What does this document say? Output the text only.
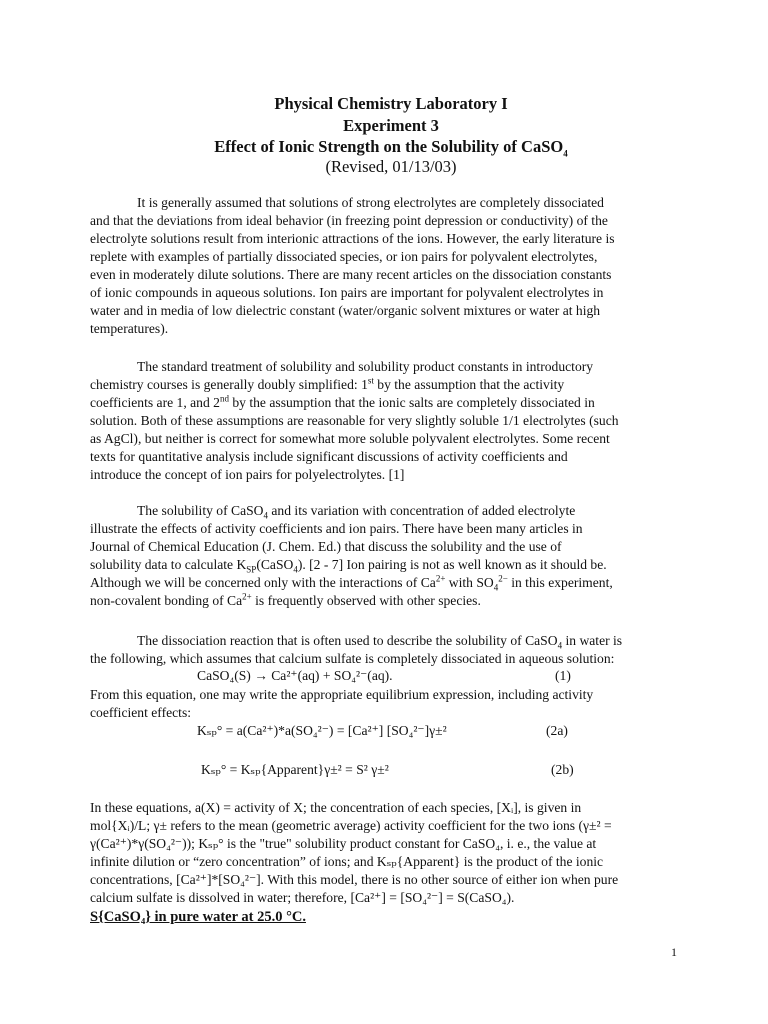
Physical Chemistry Laboratory I
Experiment 3
Effect of Ionic Strength on the Solubility of CaSO$_4$
(Revised, 01/13/03)
It is generally assumed that solutions of strong electrolytes are completely dissociated
and that the deviations from ideal behavior (in freezing point depression or conductivity) of the
electrolyte solutions result from interionic attractions of the ions. However, the early literature is
replete with examples of partially dissociated species, or ion pairs for polyvalent electrolytes,
even in moderately dilute solutions. There are many recent articles on the dissociation constants
of ionic compounds in aqueous solutions. Ion pairs are important for polyvalent electrolytes in
water and in media of low dielectric constant (water/organic solvent mixtures or water at high
temperatures).
The standard treatment of solubility and solubility product constants in introductory
chemistry courses is generally doubly simplified: 1st by the assumption that the activity
coefficients are 1, and 2nd by the assumption that the ionic salts are completely dissociated in
solution. Both of these assumptions are reasonable for very slightly soluble 1/1 electrolytes (such
as AgCl), but neither is correct for somewhat more soluble polyvalent electrolytes. Some recent
texts for quantitative analysis include significant discussions of activity coefficients and
introduce the concept of ion pairs for polyelectrolytes. [1]
The solubility of CaSO$_4$ and its variation with concentration of added electrolyte
illustrate the effects of activity coefficients and ion pairs. There have been many articles in
Journal of Chemical Education (J. Chem. Ed.) that discuss the solubility and the use of
solubility data to calculate $K_{SP}(CaSO_4)$. [2 - 7] Ion pairing is not as well known as it should be.
Although we will be concerned only with the interactions of $Ca^{2+}$ with $SO_4^{2-}$ in this experiment,
non-covalent bonding of $Ca^{2+}$ is frequently observed with other species.
The dissociation reaction that is often used to describe the solubility of CaSO$_4$ in water is
the following, which assumes that calcium sulfate is completely dissociated in aqueous solution:
CaSO₄(S) → Ca²⁺(aq) + SO₄²⁻(aq).	(1)
From this equation, one may write the appropriate equilibrium expression, including activity
coefficient effects:
Kₛₚ° = a(Ca²⁺)*a(SO₄²⁻) = [Ca²⁺] [SO₄²⁻]γ±²	(2a)
Kₛₚ° = Kₛₚ{Apparent}γ±² = S² γ±²	(2b)
In these equations, a(X) = activity of X; the concentration of each species, [Xᵢ], is given in
mol{Xᵢ)/L; γ± refers to the mean (geometric average) activity coefficient for the two ions (γ±² =
γ(Ca²⁺)*γ(SO₄²⁻)); Kₛₚ° is the "true" solubility product constant for CaSO₄, i. e., the value at
infinite dilution or “zero concentration” of ions; and Kₛₚ{Apparent} is the product of the ionic
concentrations, [Ca²⁺]*[SO₄²⁻]. With this model, there is no other source of either ion when pure
calcium sulfate is dissolved in water; therefore, [Ca²⁺] = [SO₄²⁻] = S(CaSO₄).
S{CaSO₄} in pure water at 25.0 °C.
1
